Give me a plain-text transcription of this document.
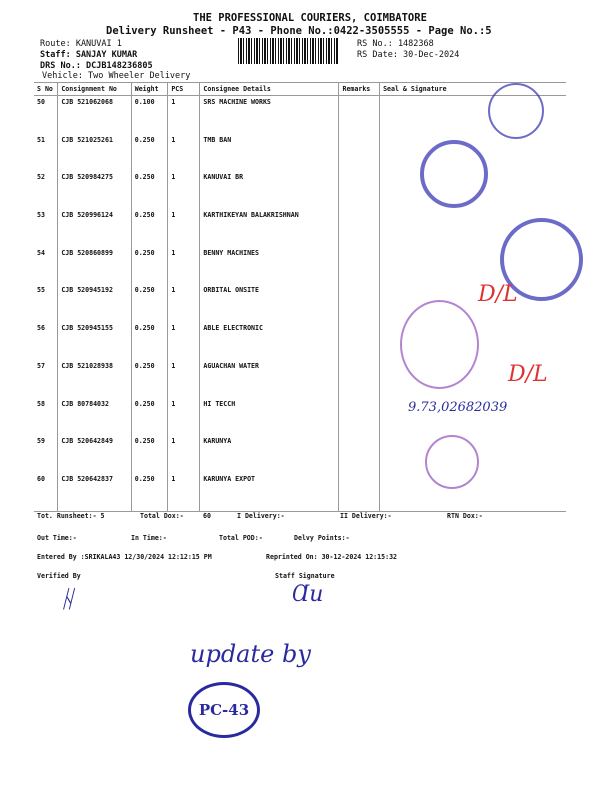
THE PROFESSIONAL COURIERS, COIMBATORE
Delivery Runsheet - P43 - Phone No.:0422-3505555 - Page No.:5
Route: KANUVAI 1
Staff: SANJAY KUMAR
DRS No.: DCJB148236805
Vehicle: Two Wheeler Delivery
RS No.: 1482368
RS Date: 30-Dec-2024
S No	Consignment No	Weight	PCS	Consignee Details	Remarks	Seal & Signature
50	CJB 521062068	0.100	1	SRS MACHINE WORKS		
51	CJB 521025261	0.250	1	TMB BAN		
52	CJB 520984275	0.250	1	KANUVAI BR		
53	CJB 520996124	0.250	1	KARTHIKEYAN BALAKRISHNAN		
54	CJB 520860899	0.250	1	BENNY MACHINES		
55	CJB 520945192	0.250	1	ORBITAL ONSITE		
56	CJB 520945155	0.250	1	ABLE ELECTRONIC		
57	CJB 521028938	0.250	1	AGUACHAN WATER		
58	CJB 80784032	0.250	1	HI TECCH		
59	CJB 520642849	0.250	1	KARUNYA		
60	CJB 520642837	0.250	1	KARUNYA EXPOT		
D/L
D/L
9.73,02682039
Tot. Runsheet:- 5	Total Dox:-	60	I Delivery:-	II Delivery:-	RTN Dox:-
Out Time:-	In Time:-	Total POD:-	Delvy Points:-
Entered By :SRIKALA43 12/30/2024 12:12:15 PM	Reprinted On: 30-12-2024 12:15:32
Verified By	Staff Signature
ᚺ	Ɑu
update by
PC-43
